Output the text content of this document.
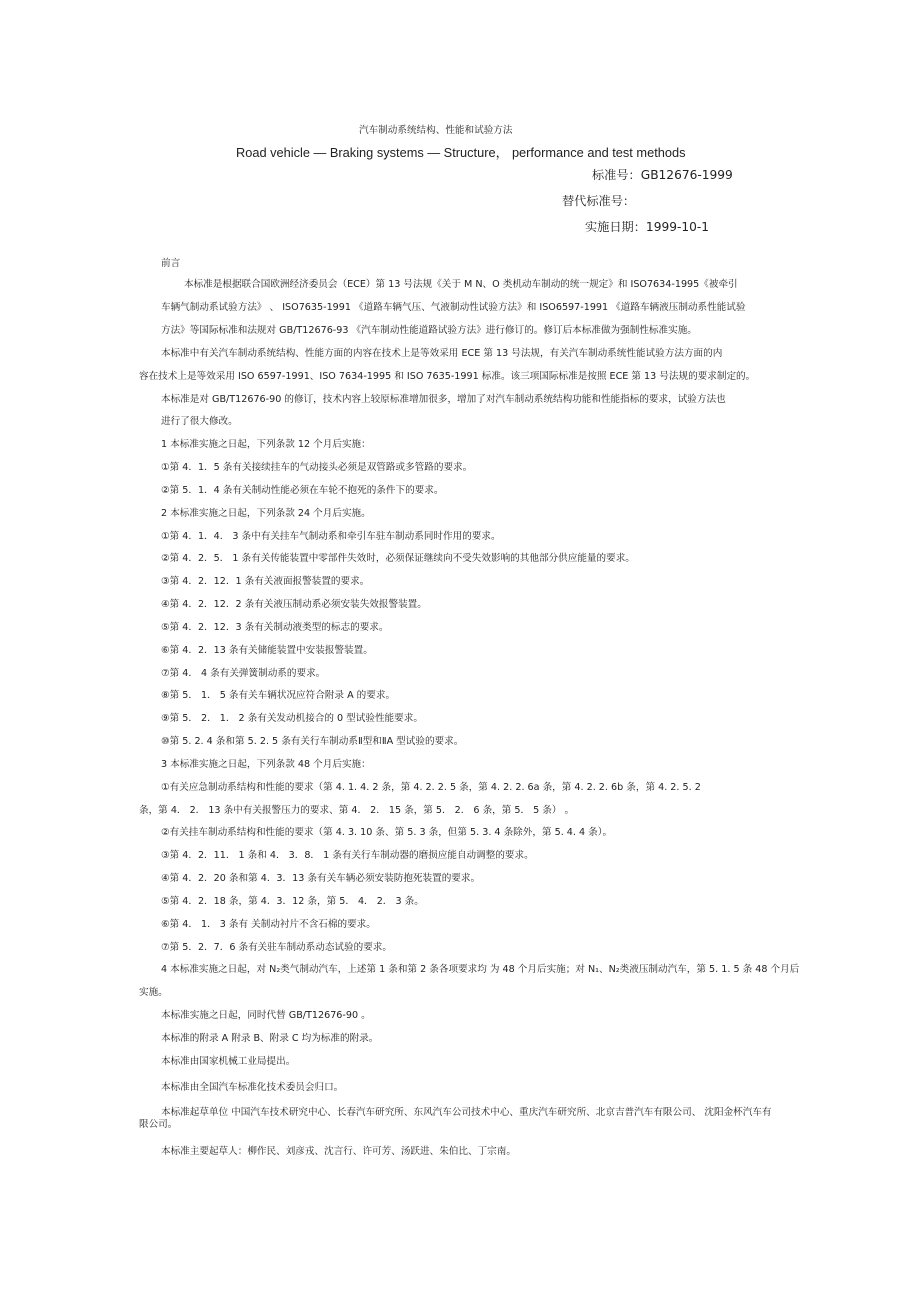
汽车制动系统结构、性能和试验方法
Road vehicle — Braking systems — Structure， performance and test methods
标准号：GB12676-1999
替代标准号：
实施日期：1999-10-1
前言
本标准是根据联合国欧洲经济委员会（ECE）第 13 号法规《关于 M N、O 类机动车制动的统一规定》和 ISO7634-1995《被牵引
车辆气制动系试验方法》 、 ISO7635-1991 《道路车辆气压、气液制动性试验方法》和 ISO6597-1991 《道路车辆液压制动系性能试验
方法》等国际标准和法规对 GB/T12676-93 《汽车制动性能道路试验方法》进行修订的。修订后本标准做为强制性标准实施。
本标准中有关汽车制动系统结构、性能方面的内容在技术上是等效采用 ECE 第 13 号法规，有关汽车制动系统性能试验方法方面的内
容在技术上是等效采用 ISO 6597-1991、ISO 7634-1995 和 ISO 7635-1991 标准。该三项国际标准是按照 ECE 第 13 号法规的要求制定的。
本标准是对 GB/T12676-90 的修订，技术内容上较原标准增加很多，增加了对汽车制动系统结构功能和性能指标的要求，试验方法也
进行了很大修改。
1 本标准实施之日起，下列条款 12 个月后实施：
①第 4．1．5 条有关接续挂车的气动接头必须是双管路或多管路的要求。
②第 5．1．4 条有关制动性能必须在车轮不抱死的条件下的要求。
2 本标准实施之日起，下列条款 24 个月后实施。
①第 4．1．4． 3 条中有关挂车气制动系和牵引车驻车制动系同时作用的要求。
②第 4．2．5． 1 条有关传能装置中零部件失效时，必须保证继续向不受失效影响的其他部分供应能量的要求。
③第 4．2．12．1 条有关液面报警装置的要求。
④第 4．2．12．2 条有关液压制动系必须安装失效报警装置。
⑤第 4．2．12．3 条有关制动液类型的标志的要求。
⑥第 4．2．13 条有关储能装置中安装报警装置。
⑦第 4． 4 条有关弹簧制动系的要求。
⑧第 5． 1． 5 条有关车辆状况应符合附录 A 的要求。
⑨第 5． 2． 1． 2 条有关发动机接合的 0 型试验性能要求。
⑩第 5. 2. 4 条和第 5. 2. 5 条有关行车制动系Ⅱ型和ⅡA 型试验的要求。
3 本标准实施之日起，下列条款 48 个月后实施：
①有关应急制动系结构和性能的要求（第 4. 1. 4. 2 条，第 4. 2. 2. 5 条，第 4. 2. 2. 6a 条，第 4. 2. 2. 6b 条，第 4. 2. 5. 2
条，第 4． 2． 13 条中有关报警压力的要求、第 4． 2． 15 条，第 5． 2． 6 条，第 5． 5 条） 。
②有关挂车制动系结构和性能的要求（第 4. 3. 10 条、第 5. 3 条，但第 5. 3. 4 条除外，第 5. 4. 4 条）。
③第 4．2．11． 1 条和 4． 3．8． 1 条有关行车制动器的磨损应能自动调整的要求。
④第 4．2．20 条和第 4．3．13 条有关车辆必须安装防抱死装置的要求。
⑤第 4．2．18 条，第 4．3．12 条，第 5． 4． 2． 3 条。
⑥第 4． 1． 3 条有 关制动衬片不含石棉的要求。
⑦第 5．2．7．6 条有关驻车制动系动态试验的要求。
4 本标准实施之日起，对 N₂类气制动汽车，上述第 1 条和第 2 条各项要求均 为 48 个月后实施；对 N₁、N₂类液压制动汽车，第 5. 1. 5 条 48 个月后
实施。
本标准实施之日起，同时代替 GB/T12676-90 。
本标准的附录 A 附录 B、附录 C 均为标准的附录。
本标准由国家机械工业局提出。
本标准由全国汽车标准化技术委员会归口。
本标准起草单位 中国汽车技术研究中心、长春汽车研究所、东风汽车公司技术中心、重庆汽车研究所、北京吉普汽车有限公司、 沈阳金杯汽车有限公司。
本标准主要起草人：柳作民、刘彦戎、沈言行、许可芳、汤跃进、朱伯比、丁宗南。
